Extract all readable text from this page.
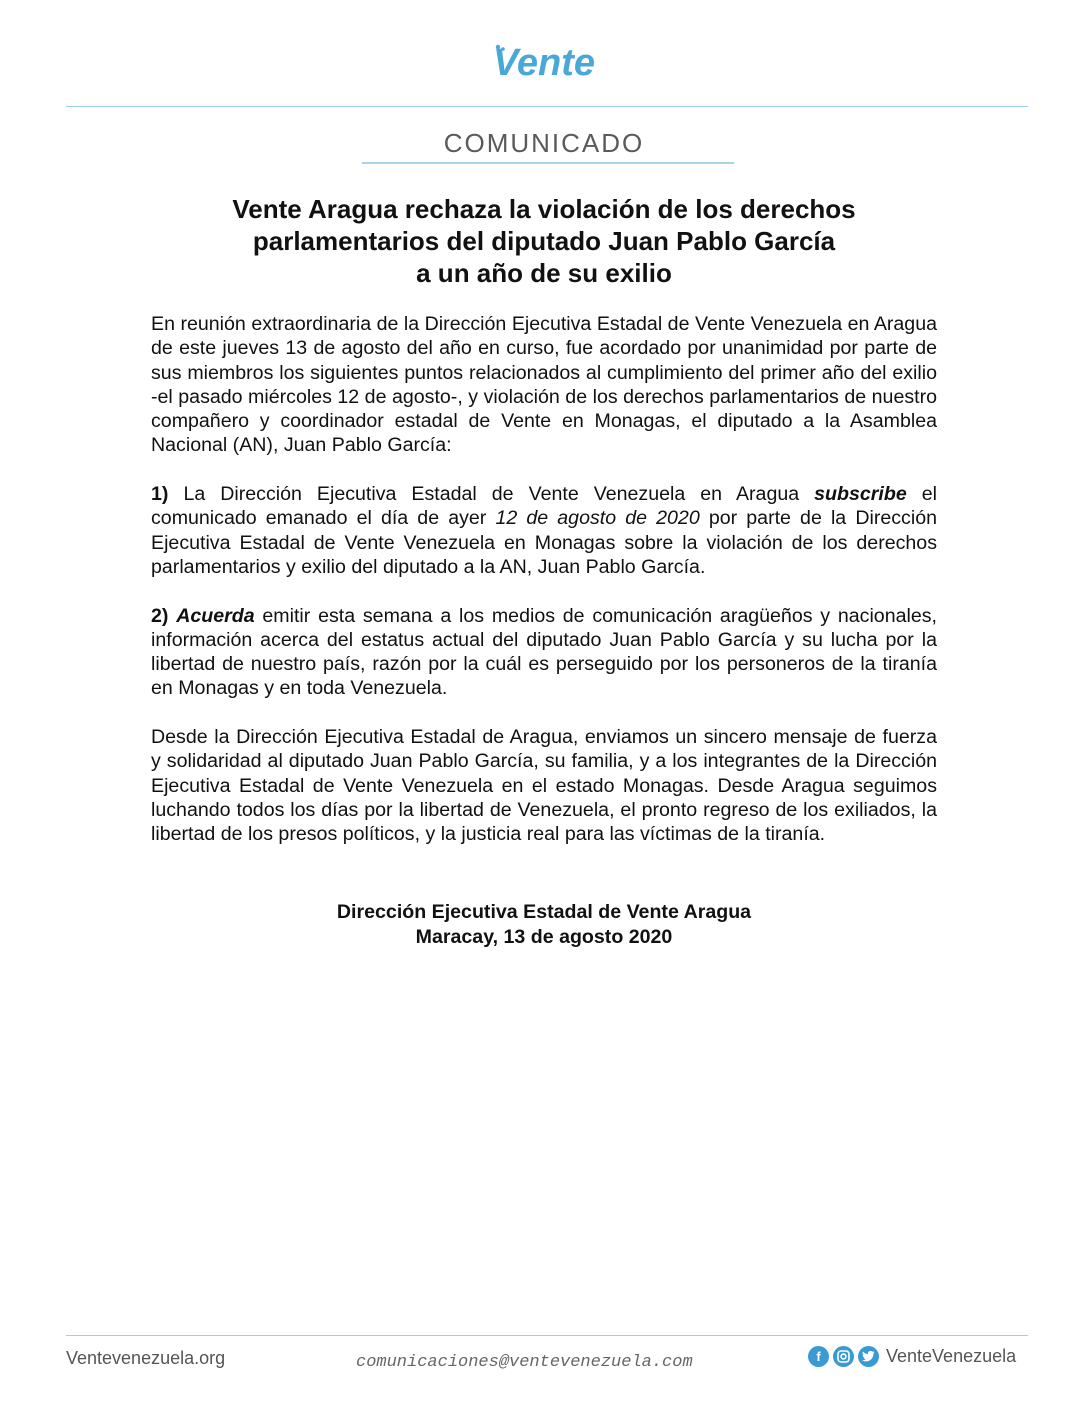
Vente
COMUNICADO
Vente Aragua rechaza la violación de los derechos
parlamentarios del diputado Juan Pablo García
a un año de su exilio

En reunión extraordinaria de la Dirección Ejecutiva Estadal de Vente Venezuela en Aragua de este jueves 13 de agosto del año en curso, fue acordado por unanimidad por parte de sus miembros los siguientes puntos relacionados al cumplimiento del primer año del exilio -el pasado miércoles 12 de agosto-, y violación de los derechos parlamentarios de nuestro compañero y coordinador estadal de Vente en Monagas, el diputado a la Asamblea Nacional (AN), Juan Pablo García:

1) La Dirección Ejecutiva Estadal de Vente Venezuela en Aragua subscribe el comunicado emanado el día de ayer 12 de agosto de 2020 por parte de la Dirección Ejecutiva Estadal de Vente Venezuela en Monagas sobre la violación de los derechos parlamentarios y exilio del diputado a la AN, Juan Pablo García.

2) Acuerda emitir esta semana a los medios de comunicación aragüeños y nacionales, información acerca del estatus actual del diputado Juan Pablo García y su lucha por la libertad de nuestro país, razón por la cuál es perseguido por los personeros de la tiranía en Monagas y en toda Venezuela.

Desde la Dirección Ejecutiva Estadal de Aragua, enviamos un sincero mensaje de fuerza y solidaridad al diputado Juan Pablo García, su familia, y a los integrantes de la Dirección Ejecutiva Estadal de Vente Venezuela en el estado Monagas. Desde Aragua seguimos luchando todos los días por la libertad de Venezuela, el pronto regreso de los exiliados, la libertad de los presos políticos, y la justicia real para las víctimas de la tiranía.

Dirección Ejecutiva Estadal de Vente Aragua
Maracay, 13 de agosto 2020
Ventevenezuela.org	comunicaciones@ventevenezuela.com	f	VenteVenezuela
